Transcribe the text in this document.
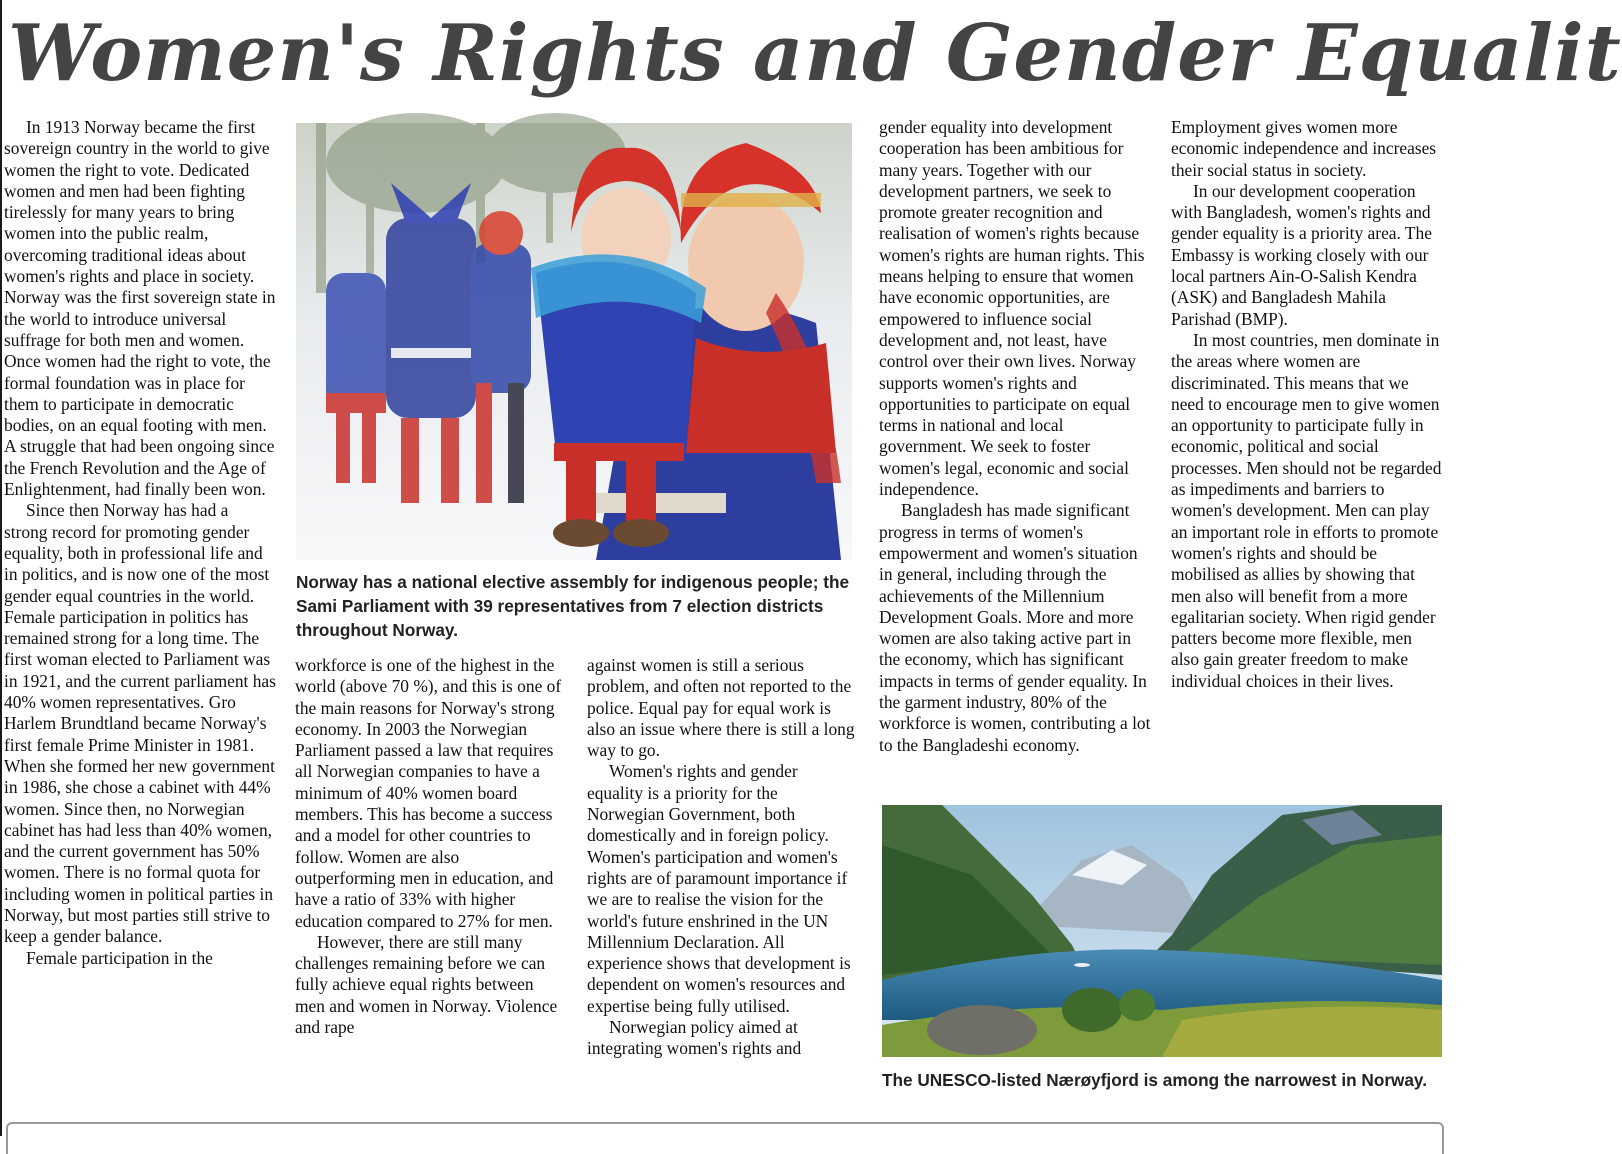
Women's Rights and Gender Equalit

In 1913 Norway became the first sovereign country in the world to give women the right to vote. Dedicated women and men had been fighting tirelessly for many years to bring women into the public realm, overcoming traditional ideas about women's rights and place in society. Norway was the first sovereign state in the world to introduce universal suffrage for both men and women. Once women had the right to vote, the formal foundation was in place for them to participate in democratic bodies, on an equal footing with men. A struggle that had been ongoing since the French Revolution and the Age of Enlightenment, had finally been won.

Since then Norway has had a strong record for promoting gender equality, both in professional life and in politics, and is now one of the most gender equal countries in the world. Female participation in politics has remained strong for a long time. The first woman elected to Parliament was in 1921, and the current parliament has 40% women representatives. Gro Harlem Brundtland became Norway's first female Prime Minister in 1981. When she formed her new government in 1986, she chose a cabinet with 44% women. Since then, no Norwegian cabinet has had less than 40% women, and the current government has 50% women. There is no formal quota for including women in political parties in Norway, but most parties still strive to keep a gender balance.

Female participation in the

Norway has a national elective assembly for indigenous people; the Sami Parliament with 39 representatives from 7 election districts throughout Norway.

workforce is one of the highest in the world (above 70 %), and this is one of the main reasons for Norway's strong economy. In 2003 the Norwegian Parliament passed a law that requires all Norwegian companies to have a minimum of 40% women board members. This has become a success and a model for other countries to follow. Women are also outperforming men in education, and have a ratio of 33% with higher education compared to 27% for men.

However, there are still many challenges remaining before we can fully achieve equal rights between men and women in Norway. Violence and rape

against women is still a serious problem, and often not reported to the police. Equal pay for equal work is also an issue where there is still a long way to go.

Women's rights and gender equality is a priority for the Norwegian Government, both domestically and in foreign policy. Women's participation and women's rights are of paramount importance if we are to realise the vision for the world's future enshrined in the UN Millennium Declaration. All experience shows that development is dependent on women's resources and expertise being fully utilised.

Norwegian policy aimed at integrating women's rights and

gender equality into development cooperation has been ambitious for many years. Together with our development partners, we seek to promote greater recognition and realisation of women's rights because women's rights are human rights. This means helping to ensure that women have economic opportunities, are empowered to influence social development and, not least, have control over their own lives. Norway supports women's rights and opportunities to participate on equal terms in national and local government. We seek to foster women's legal, economic and social independence.

Bangladesh has made significant progress in terms of women's empowerment and women's situation in general, including through the achievements of the Millennium Development Goals. More and more women are also taking active part in the economy, which has significant impacts in terms of gender equality. In the garment industry, 80% of the workforce is women, contributing a lot to the Bangladeshi economy.

Employment gives women more economic independence and increases their social status in society.

In our development cooperation with Bangladesh, women's rights and gender equality is a priority area. The Embassy is working closely with our local partners Ain-O-Salish Kendra (ASK) and Bangladesh Mahila Parishad (BMP).

In most countries, men dominate in the areas where women are discriminated. This means that we need to encourage men to give women an opportunity to participate fully in economic, political and social processes. Men should not be regarded as impediments and barriers to women's development. Men can play an important role in efforts to promote women's rights and should be mobilised as allies by showing that men also will benefit from a more egalitarian society. When rigid gender patters become more flexible, men also gain greater freedom to make individual choices in their lives.

The UNESCO-listed Nærøyfjord is among the narrowest in Norway.
